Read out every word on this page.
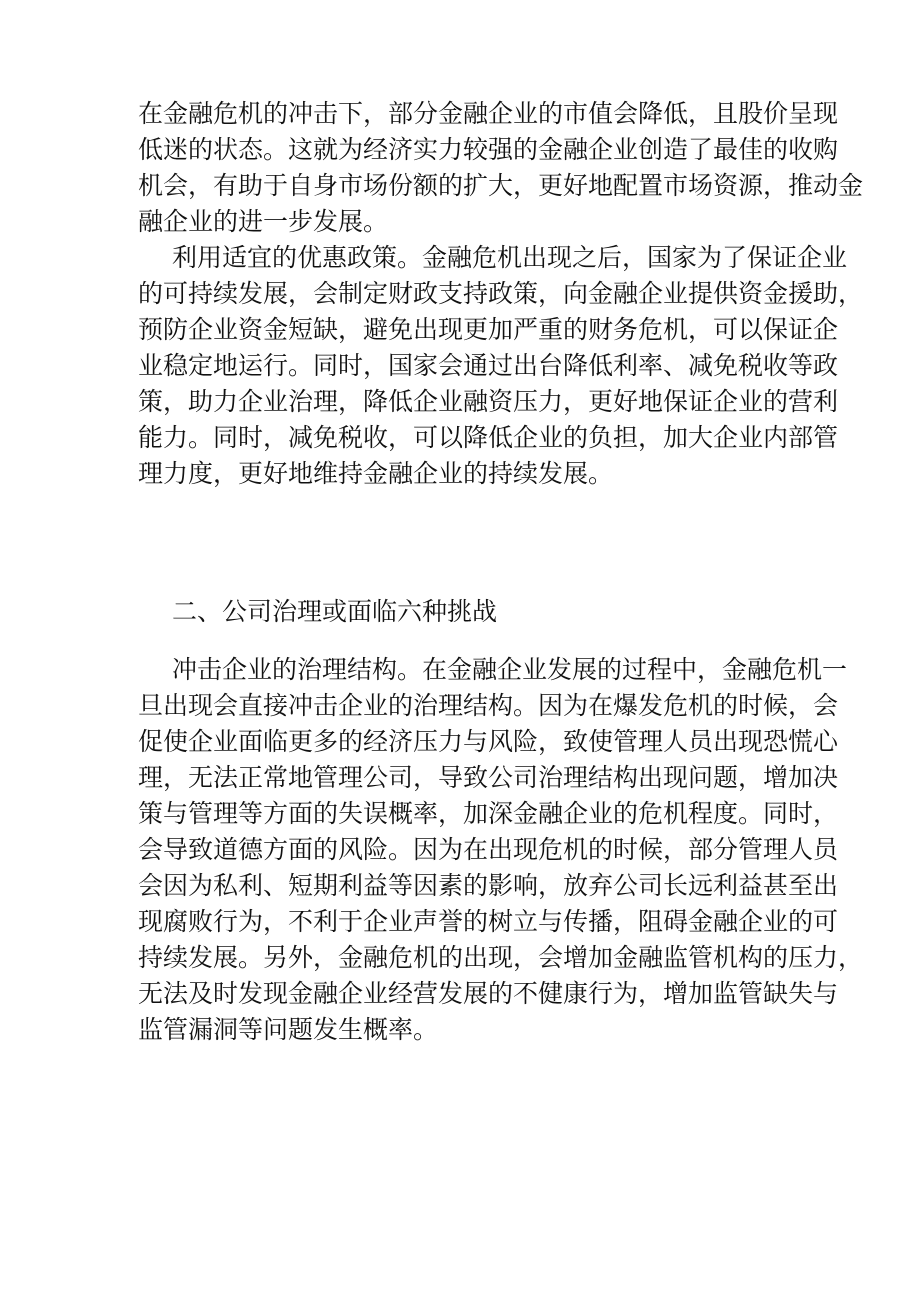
在金融危机的冲击下，部分金融企业的市值会降低，且股价呈现
低迷的状态。这就为经济实力较强的金融企业创造了最佳的收购
机会，有助于自身市场份额的扩大，更好地配置市场资源，推动金
融企业的进一步发展。
利用适宜的优惠政策。金融危机出现之后，国家为了保证企业
的可持续发展，会制定财政支持政策，向金融企业提供资金援助，
预防企业资金短缺，避免出现更加严重的财务危机，可以保证企
业稳定地运行。同时，国家会通过出台降低利率、减免税收等政
策，助力企业治理，降低企业融资压力，更好地保证企业的营利
能力。同时，减免税收，可以降低企业的负担，加大企业内部管
理力度，更好地维持金融企业的持续发展。
二、公司治理或面临六种挑战
冲击企业的治理结构。在金融企业发展的过程中，金融危机一
旦出现会直接冲击企业的治理结构。因为在爆发危机的时候，会
促使企业面临更多的经济压力与风险，致使管理人员出现恐慌心
理，无法正常地管理公司，导致公司治理结构出现问题，增加决
策与管理等方面的失误概率，加深金融企业的危机程度。同时，
会导致道德方面的风险。因为在出现危机的时候，部分管理人员
会因为私利、短期利益等因素的影响，放弃公司长远利益甚至出
现腐败行为，不利于企业声誉的树立与传播，阻碍金融企业的可
持续发展。另外，金融危机的出现，会增加金融监管机构的压力，
无法及时发现金融企业经营发展的不健康行为，增加监管缺失与
监管漏洞等问题发生概率。
